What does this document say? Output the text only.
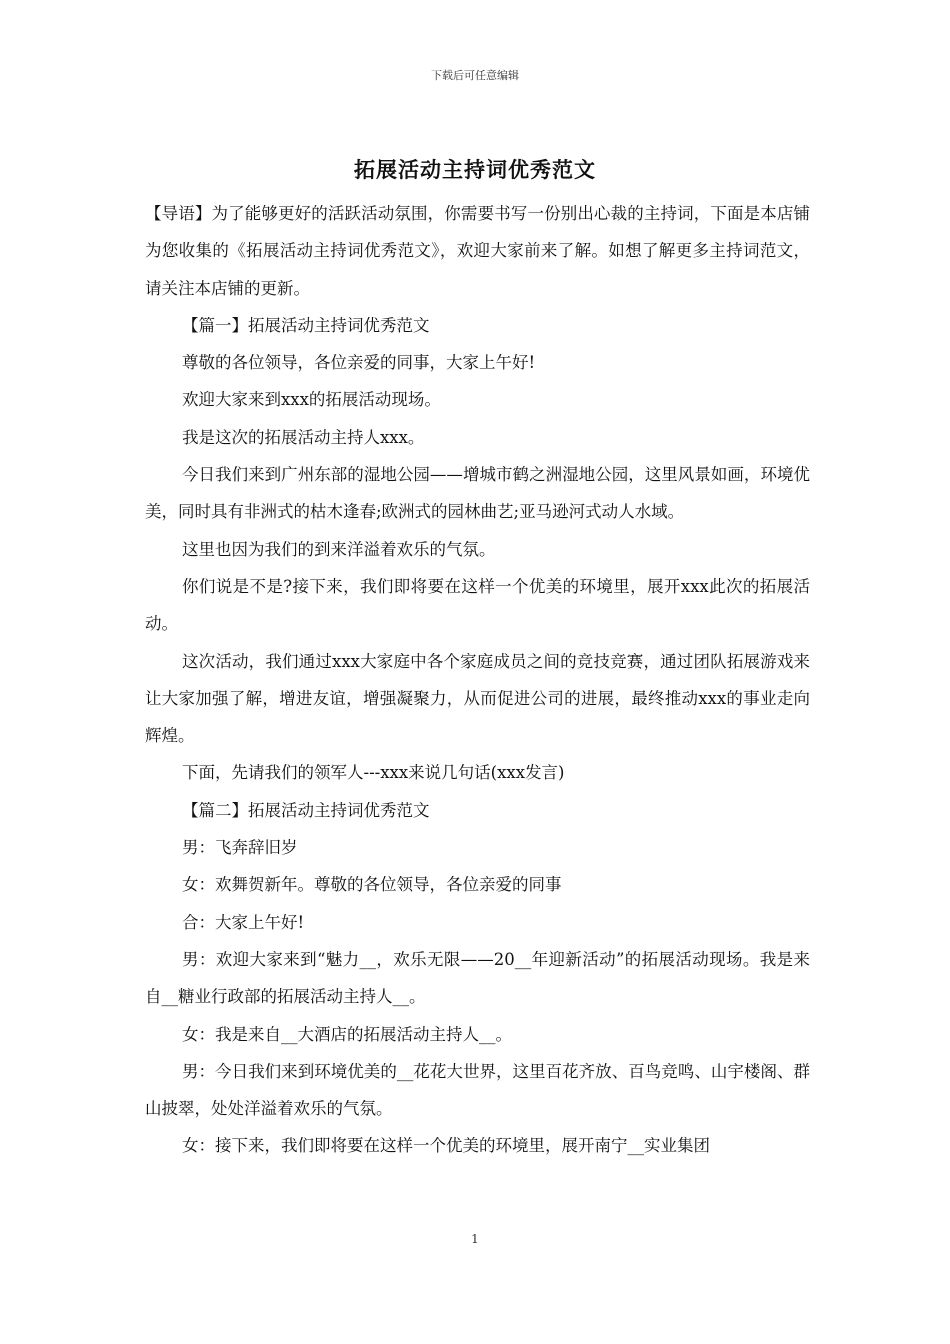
下载后可任意编辑
拓展活动主持词优秀范文

【导语】为了能够更好的活跃活动氛围，你需要书写一份别出心裁的主持词，下面是本店铺为您收集的《拓展活动主持词优秀范文》，欢迎大家前来了解。如想了解更多主持词范文，请关注本店铺的更新。

【篇一】拓展活动主持词优秀范文

尊敬的各位领导，各位亲爱的同事，大家上午好!

欢迎大家来到xxx的拓展活动现场。

我是这次的拓展活动主持人xxx。

今日我们来到广州东部的湿地公园——增城市鹤之洲湿地公园，这里风景如画，环境优美，同时具有非洲式的枯木逢春;欧洲式的园林曲艺;亚马逊河式动人水域。

这里也因为我们的到来洋溢着欢乐的气氛。

你们说是不是?接下来，我们即将要在这样一个优美的环境里，展开xxx此次的拓展活动。

这次活动，我们通过xxx大家庭中各个家庭成员之间的竞技竞赛，通过团队拓展游戏来让大家加强了解，增进友谊，增强凝聚力，从而促进公司的进展，最终推动xxx的事业走向辉煌。

下面，先请我们的领军人---xxx来说几句话(xxx发言)

【篇二】拓展活动主持词优秀范文

男：飞奔辞旧岁

女：欢舞贺新年。尊敬的各位领导，各位亲爱的同事

合：大家上午好!

男：欢迎大家来到“魅力__，欢乐无限——20__年迎新活动”的拓展活动现场。我是来自__糖业行政部的拓展活动主持人__。

女：我是来自__大酒店的拓展活动主持人__。

男：今日我们来到环境优美的__花花大世界，这里百花齐放、百鸟竞鸣、山宇楼阁、群山披翠，处处洋溢着欢乐的气氛。

女：接下来，我们即将要在这样一个优美的环境里，展开南宁__实业集团

1
